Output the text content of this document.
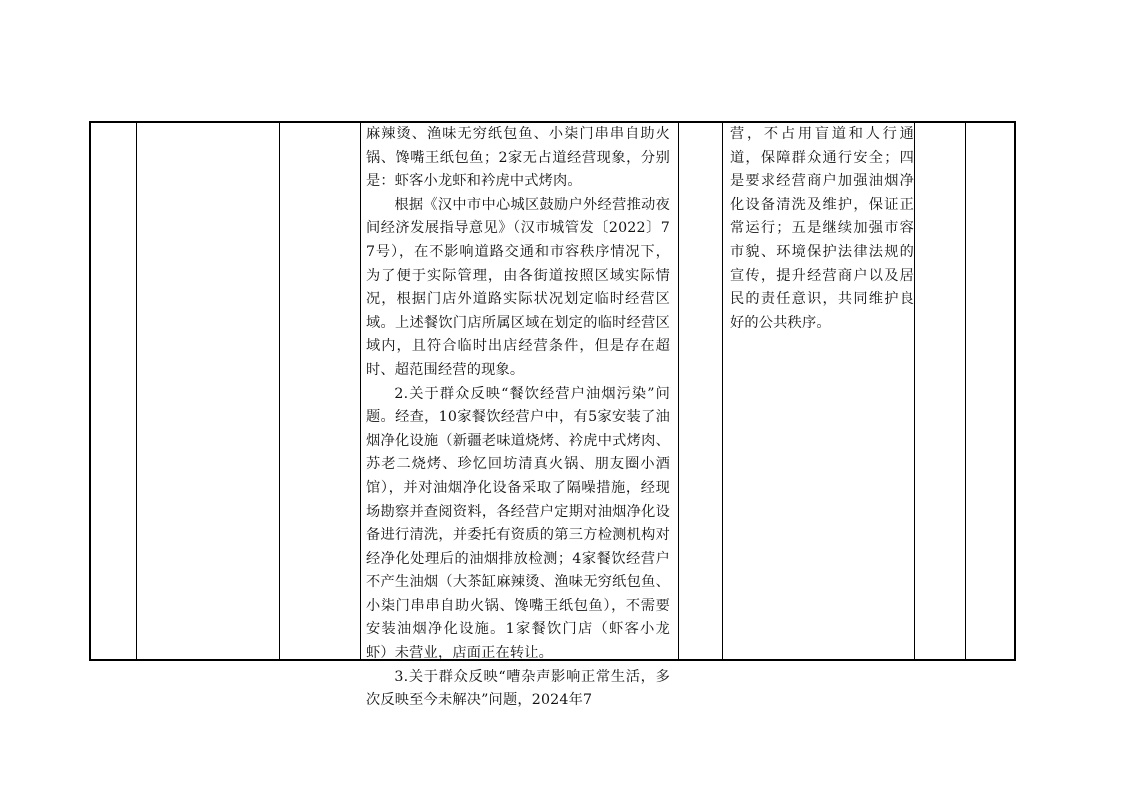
麻辣烫、渔味无穷纸包鱼、小柒门串串自助火锅、馋嘴王纸包鱼；2家无占道经营现象，分别是：虾客小龙虾和衿虎中式烤肉。

根据《汉中市中心城区鼓励户外经营推动夜间经济发展指导意见》（汉市城管发〔2022〕77号），在不影响道路交通和市容秩序情况下，为了便于实际管理，由各街道按照区域实际情况，根据门店外道路实际状况划定临时经营区域。上述餐饮门店所属区域在划定的临时经营区域内，且符合临时出店经营条件，但是存在超时、超范围经营的现象。

2.关于群众反映“餐饮经营户油烟污染”问题。经查，10家餐饮经营户中，有5家安装了油烟净化设施（新疆老味道烧烤、衿虎中式烤肉、苏老二烧烤、珍忆回坊清真火锅、朋友圈小酒馆），并对油烟净化设备采取了隔噪措施，经现场勘察并查阅资料，各经营户定期对油烟净化设备进行清洗，并委托有资质的第三方检测机构对经净化处理后的油烟排放检测；4家餐饮经营户不产生油烟（大茶缸麻辣烫、渔味无穷纸包鱼、小柒门串串自助火锅、馋嘴王纸包鱼），不需要安装油烟净化设施。1家餐饮门店（虾客小龙虾）未营业，店面正在转让。

3.关于群众反映“嘈杂声影响正常生活，多次反映至今未解决”问题，2024年7

营，不占用盲道和人行通道，保障群众通行安全；四是要求经营商户加强油烟净化设备清洗及维护，保证正常运行；五是继续加强市容市貌、环境保护法律法规的宣传，提升经营商户以及居民的责任意识，共同维护良好的公共秩序。
